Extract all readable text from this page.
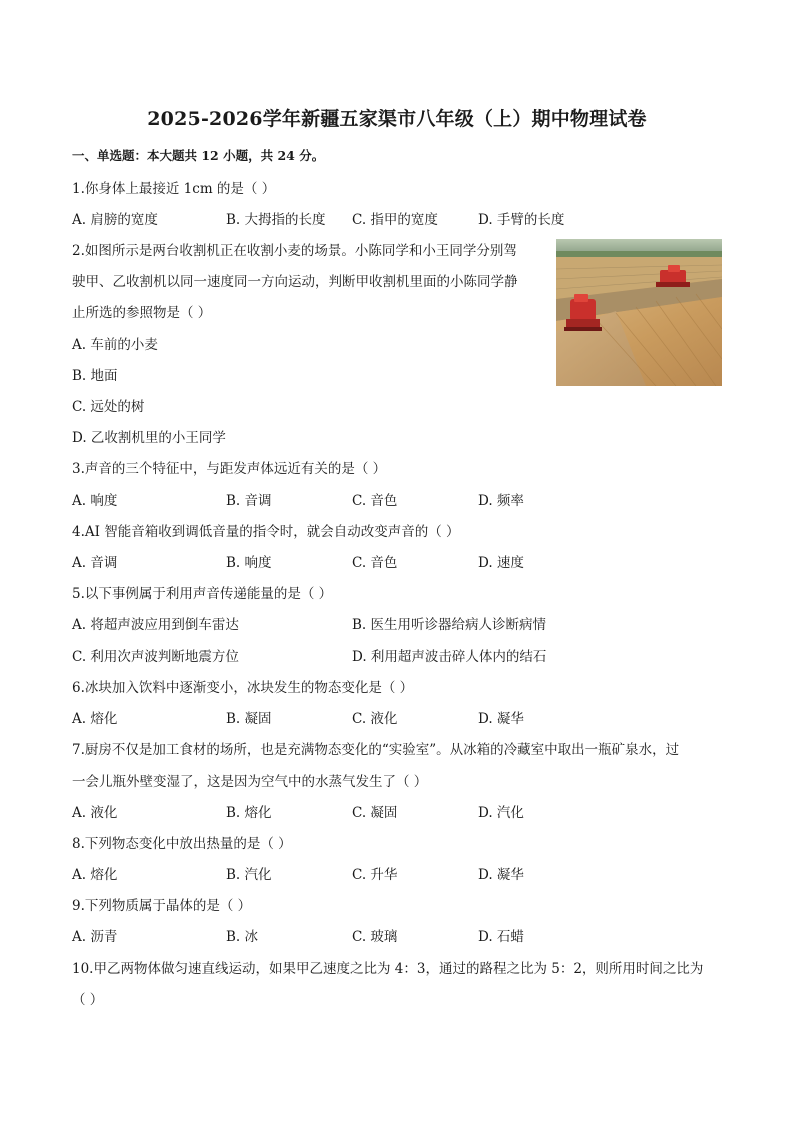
2025-2026学年新疆五家渠市八年级（上）期中物理试卷
一、单选题：本大题共 12 小题，共 24 分。
1.你身体上最接近 1cm 的是（ ）
A. 肩膀的宽度	B. 大拇指的长度 C. 指甲的宽度	D. 手臂的长度
2.如图所示是两台收割机正在收割小麦的场景。小陈同学和小王同学分别驾
驶甲、乙收割机以同一速度同一方向运动，判断甲收割机里面的小陈同学静
止所选的参照物是（ ）
A. 车前的小麦
B. 地面
C. 远处的树
D. 乙收割机里的小王同学
3.声音的三个特征中，与距发声体远近有关的是（ ）
A. 响度	B. 音调	C. 音色	D. 频率
4.AI 智能音箱收到调低音量的指令时，就会自动改变声音的（ ）
A. 音调	B. 响度	C. 音色	D. 速度
5.以下事例属于利用声音传递能量的是（ ）
A. 将超声波应用到倒车雷达	B. 医生用听诊器给病人诊断病情
C. 利用次声波判断地震方位	D. 利用超声波击碎人体内的结石
6.冰块加入饮料中逐渐变小，冰块发生的物态变化是（ ）
A. 熔化	B. 凝固	C. 液化	D. 凝华
7.厨房不仅是加工食材的场所，也是充满物态变化的“实验室”。从冰箱的冷藏室中取出一瓶矿泉水，过
一会儿瓶外壁变湿了，这是因为空气中的水蒸气发生了（ ）
A. 液化	B. 熔化	C. 凝固	D. 汽化
8.下列物态变化中放出热量的是（ ）
A. 熔化	B. 汽化	C. 升华	D. 凝华
9.下列物质属于晶体的是（ ）
A. 沥青	B. 冰	C. 玻璃	D. 石蜡
10.甲乙两物体做匀速直线运动，如果甲乙速度之比为 4：3，通过的路程之比为 5：2，则所用时间之比为
（ ）
